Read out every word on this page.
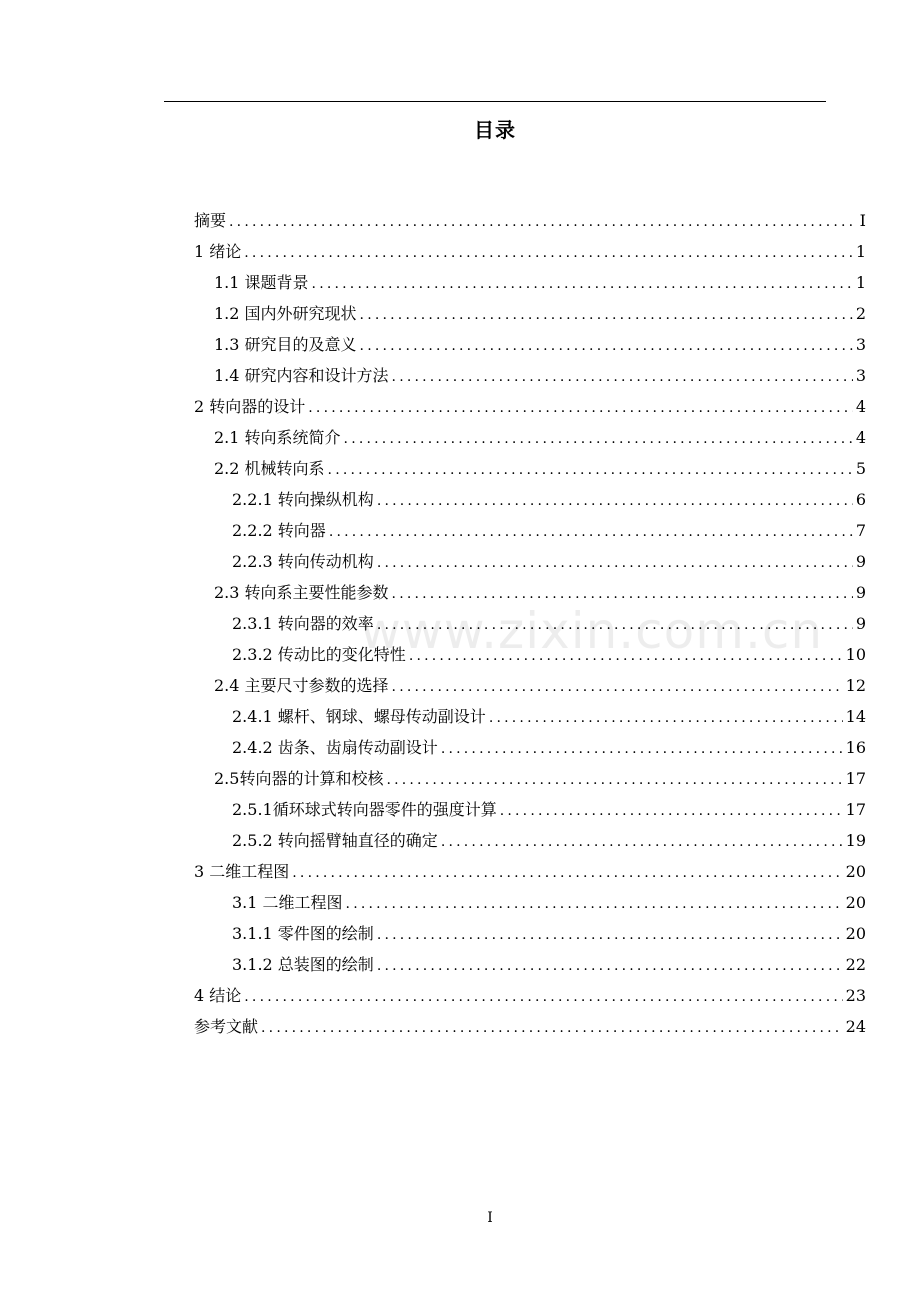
目录
摘要 .....	I
1 绪论 .....	1
1.1 课题背景 .....	1
1.2 国内外研究现状 .....	2
1.3 研究目的及意义 .....	3
1.4 研究内容和设计方法 .....	3
2 转向器的设计 .....	4
2.1 转向系统简介 .....	4
2.2 机械转向系 .....	5
2.2.1 转向操纵机构 .....	6
2.2.2 转向器 .....	7
2.2.3 转向传动机构 .....	9
2.3 转向系主要性能参数 .....	9
2.3.1 转向器的效率 .....	9
2.3.2 传动比的变化特性 .....	10
2.4 主要尺寸参数的选择 .....	12
2.4.1 螺杆、钢球、螺母传动副设计 .....	14
2.4.2 齿条、齿扇传动副设计 .....	16
2.5转向器的计算和校核 .....	17
2.5.1循环球式转向器零件的强度计算 .....	17
2.5.2 转向摇臂轴直径的确定 .....	19
3 二维工程图 .....	20
3.1 二维工程图 .....	20
3.1.1 零件图的绘制 .....	20
3.1.2 总装图的绘制 .....	22
4 结论 .....	23
参考文献 .....	24
www.zixin.com.cn
I
